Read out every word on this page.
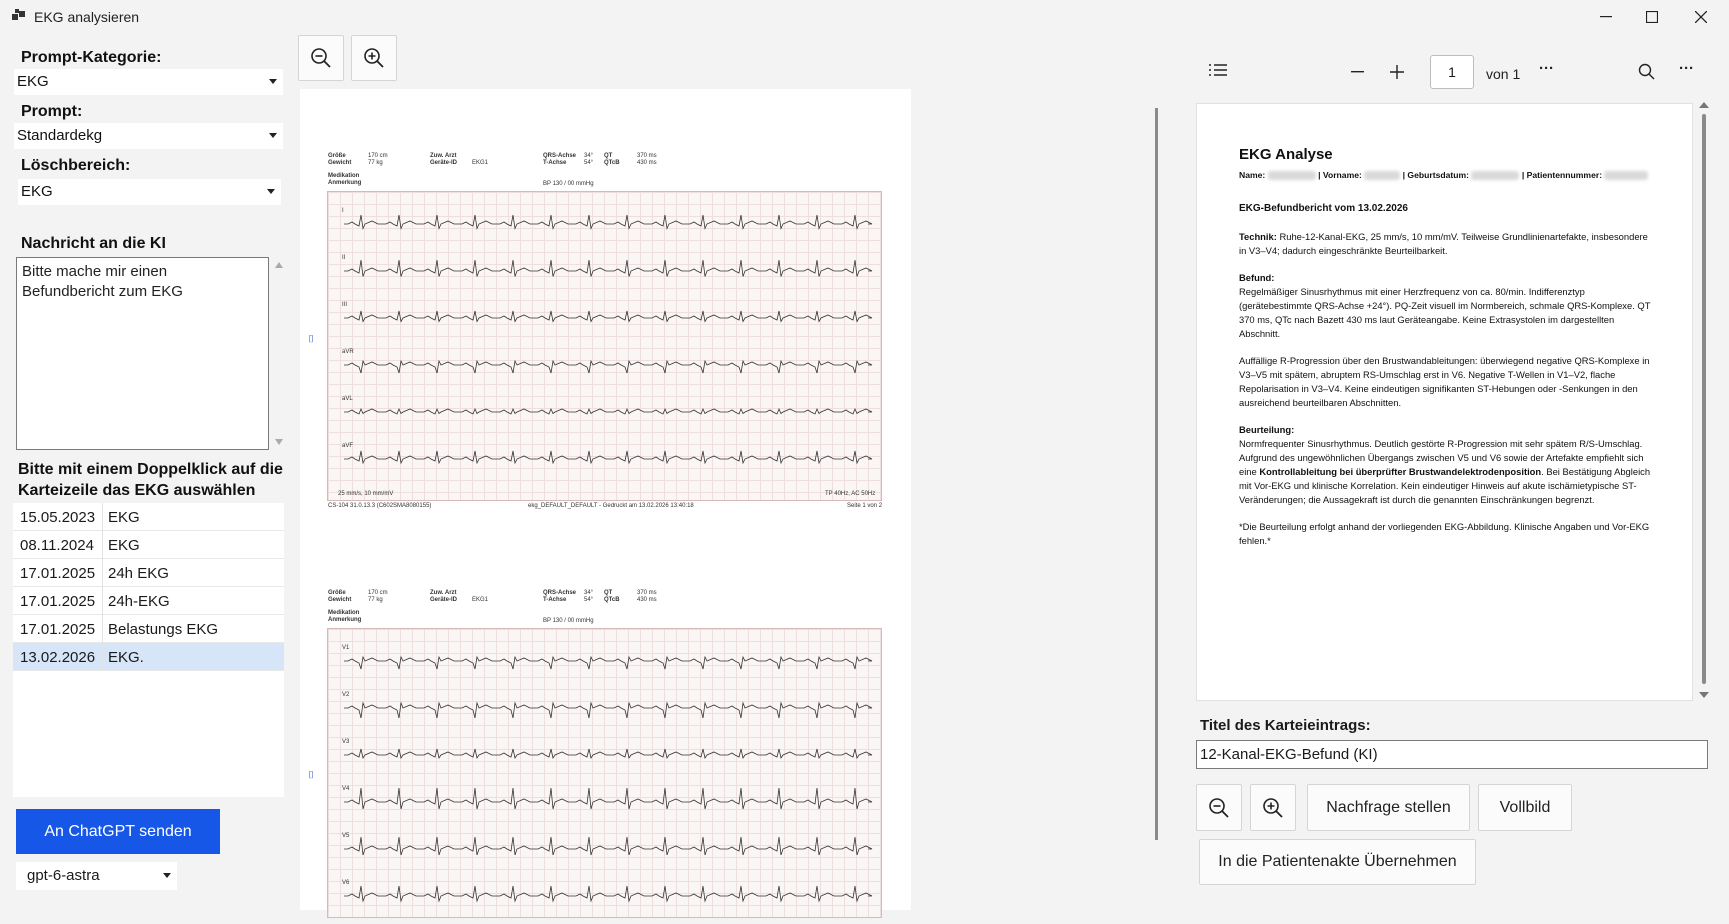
EKG analysieren
Prompt-Kategorie:
EKG
Prompt:
Standardekg
Löschbereich:
EKG
Nachricht an die KI
Bitte mache mir einen Befundbericht zum EKG
Bitte mit einem Doppelklick auf die Karteizeile das EKG auswählen
15.05.2023 EKG
08.11.2024 EKG
17.01.2025 24h EKG
17.01.2025 24h-EKG
17.01.2025 Belastungs EKG
13.02.2026 EKG.
An ChatGPT senden
gpt-6-astra
Größe
Gewicht
170 cm
77 kg
Zuw. Arzt
Geräte-ID EKG1
QRS-Achse
T-Achse
34°
54°
QT
QTcB
370 ms
430 ms
Medikation
Anmerkung	BP 130 / 00 mmHg
I
II
III
aVR
aVL
aVF
⌷
25 mm/s, 10 mm/mV	TP 40Hz, AC 50Hz
CS-104 31.0.13.3 (C602SMA8080155)	ekg_DEFAULT_DEFAULT - Gedruckt am 13.02.2026 13:40:18	Seite 1 von 2
Größe
Gewicht
170 cm
77 kg
Zuw. Arzt
Geräte-ID EKG1
QRS-Achse
T-Achse
34°
54°
QT
QTcB
370 ms
430 ms
Medikation
Anmerkung	BP 130 / 00 mmHg
V1
V2
V3
V4
V5
V6
⌷
1	von 1 ···	···
EKG Analyse
Name:	| Vorname:	| Geburtsdatum:	| Patientennummer:

EKG-Befundbericht vom 13.02.2026

Technik: Ruhe-12-Kanal-EKG, 25 mm/s, 10 mm/mV. Teilweise Grundlinienartefakte, insbesondere in V3–V4; dadurch eingeschränkte Beurteilbarkeit.

Befund:

Regelmäßiger Sinusrhythmus mit einer Herzfrequenz von ca. 80/min. Indifferenztyp (gerätebestimmte QRS-Achse +24°). PQ-Zeit visuell im Normbereich, schmale QRS-Komplexe. QT 370 ms, QTc nach Bazett 430 ms laut Geräteangabe. Keine Extrasystolen im dargestellten Abschnitt.

Auffällige R-Progression über den Brustwandableitungen: überwiegend negative QRS-Komplexe in V3–V5 mit spätem, abruptem RS-Umschlag erst in V6. Negative T-Wellen in V1–V2, flache Repolarisation in V3–V4. Keine eindeutigen signifikanten ST-Hebungen oder -Senkungen in den ausreichend beurteilbaren Abschnitten.

Beurteilung:

Normfrequenter Sinusrhythmus. Deutlich gestörte R-Progression mit sehr spätem R/S-Umschlag. Aufgrund des ungewöhnlichen Übergangs zwischen V5 und V6 sowie der Artefakte empfiehlt sich eine Kontrollableitung bei überprüfter Brustwandelektrodenposition. Bei Bestätigung Abgleich mit Vor-EKG und klinische Korrelation. Kein eindeutiger Hinweis auf akute ischämietypische ST-Veränderungen; die Aussagekraft ist durch die genannten Einschränkungen begrenzt.

*Die Beurteilung erfolgt anhand der vorliegenden EKG-Abbildung. Klinische Angaben und Vor-EKG fehlen.*

Titel des Karteieintrags:
12-Kanal-EKG-Befund (KI)
Nachfrage stellen	Vollbild
In die Patientenakte Übernehmen
